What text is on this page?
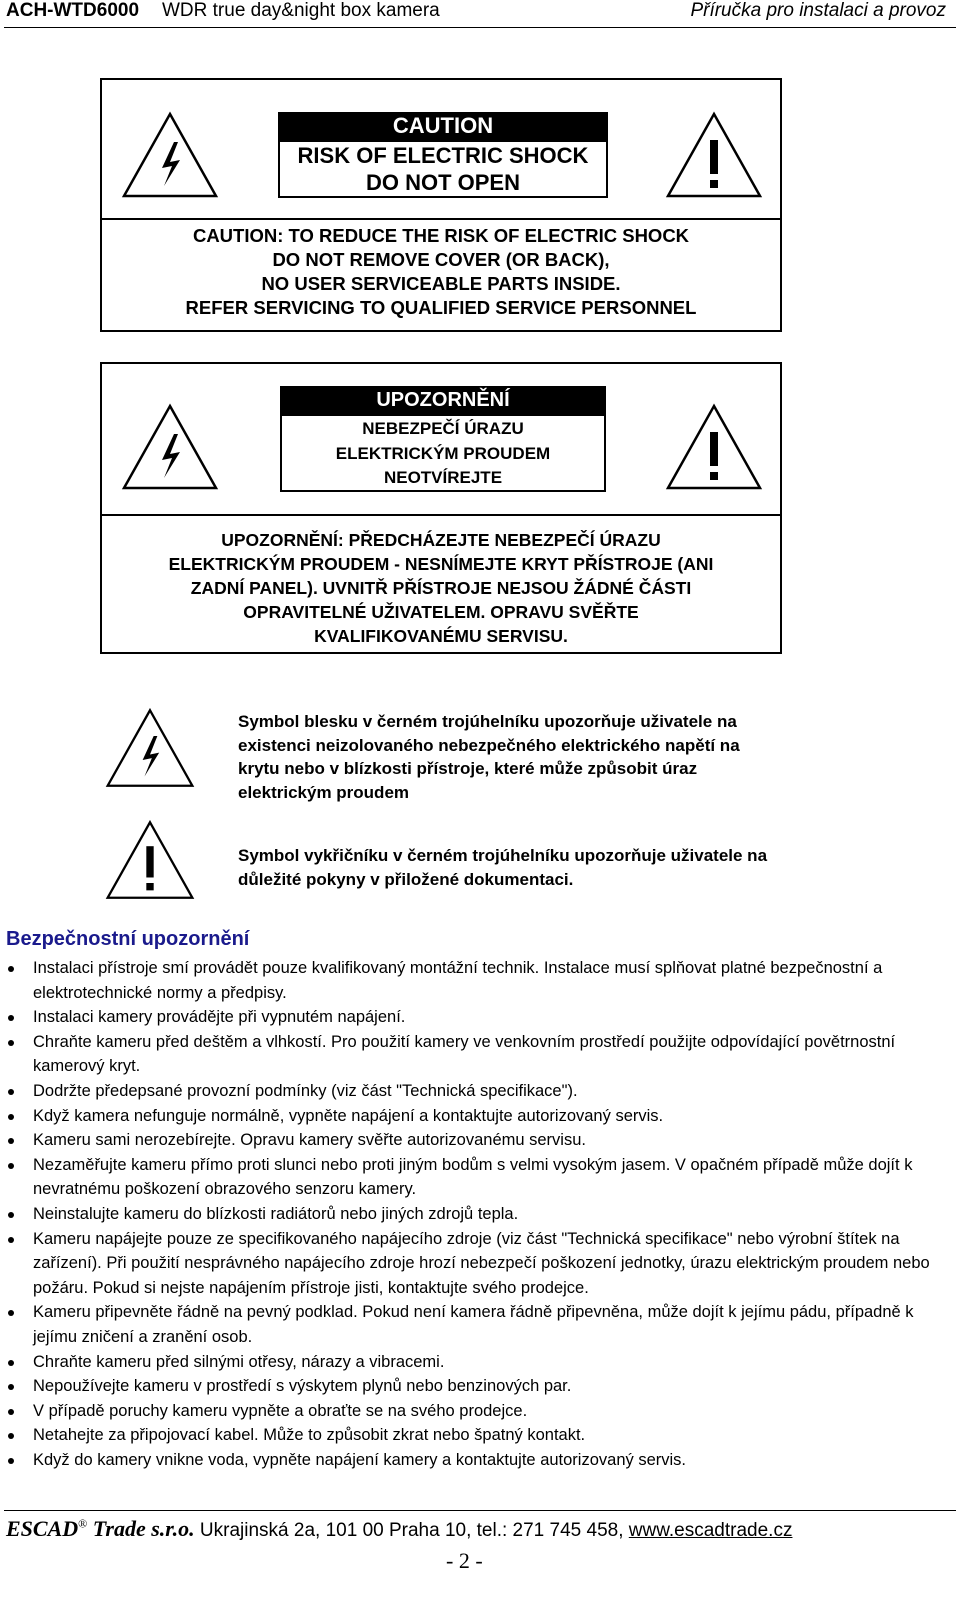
ACH-WTD6000 WDR true day&night box kamera	Příručka pro instalaci a provoz
CAUTION
RISK OF ELECTRIC SHOCK
DO NOT OPEN
CAUTION: TO REDUCE THE RISK OF ELECTRIC SHOCK
DO NOT REMOVE COVER (OR BACK),
NO USER SERVICEABLE PARTS INSIDE.
REFER SERVICING TO QUALIFIED SERVICE PERSONNEL
UPOZORNĚNÍ
NEBEZPEČÍ ÚRAZU
ELEKTRICKÝM PROUDEM
NEOTVÍREJTE
UPOZORNĚNÍ: PŘEDCHÁZEJTE NEBEZPEČÍ ÚRAZU
ELEKTRICKÝM PROUDEM - NESNÍMEJTE KRYT PŘÍSTROJE (ANI
ZADNÍ PANEL). UVNITŘ PŘÍSTROJE NEJSOU ŽÁDNÉ ČÁSTI
OPRAVITELNÉ UŽIVATELEM. OPRAVU SVĚŘTE
KVALIFIKOVANÉMU SERVISU.
Symbol blesku v černém trojúhelníku upozorňuje uživatele na
existenci neizolovaného nebezpečného elektrického napětí na
krytu nebo v blízkosti přístroje, které může způsobit úraz
elektrickým proudem
Symbol vykřičníku v černém trojúhelníku upozorňuje uživatele na
důležité pokyny v přiložené dokumentaci.
Bezpečnostní upozornění
Instalaci přístroje smí provádět pouze kvalifikovaný montážní technik. Instalace musí splňovat platné bezpečnostní a elektrotechnické normy a předpisy.
Instalaci kamery provádějte při vypnutém napájení.
Chraňte kameru před deštěm a vlhkostí. Pro použití kamery ve venkovním prostředí použijte odpovídající povětrnostní kamerový kryt.
Dodržte předepsané provozní podmínky (viz část "Technická specifikace").
Když kamera nefunguje normálně, vypněte napájení a kontaktujte autorizovaný servis.
Kameru sami nerozebírejte. Opravu kamery svěřte autorizovanému servisu.
Nezaměřujte kameru přímo proti slunci nebo proti jiným bodům s velmi vysokým jasem. V opačném případě může dojít k nevratnému poškození obrazového senzoru kamery.
Neinstalujte kameru do blízkosti radiátorů nebo jiných zdrojů tepla.
Kameru napájejte pouze ze specifikovaného napájecího zdroje (viz část "Technická specifikace" nebo výrobní štítek na zařízení). Při použití nesprávného napájecího zdroje hrozí nebezpečí poškození jednotky, úrazu elektrickým proudem nebo požáru. Pokud si nejste napájením přístroje jisti, kontaktujte svého prodejce.
Kameru připevněte řádně na pevný podklad. Pokud není kamera řádně připevněna, může dojít k jejímu pádu, případně k jejímu zničení a zranění osob.
Chraňte kameru před silnými otřesy, nárazy a vibracemi.
Nepoužívejte kameru v prostředí s výskytem plynů nebo benzinových par.
V případě poruchy kameru vypněte a obraťte se na svého prodejce.
Netahejte za připojovací kabel. Může to způsobit zkrat nebo špatný kontakt.
Když do kamery vnikne voda, vypněte napájení kamery a kontaktujte autorizovaný servis.
ESCAD® Trade s.r.o. Ukrajinská 2a, 101 00 Praha 10, tel.: 271 745 458, www.escadtrade.cz
- 2 -
